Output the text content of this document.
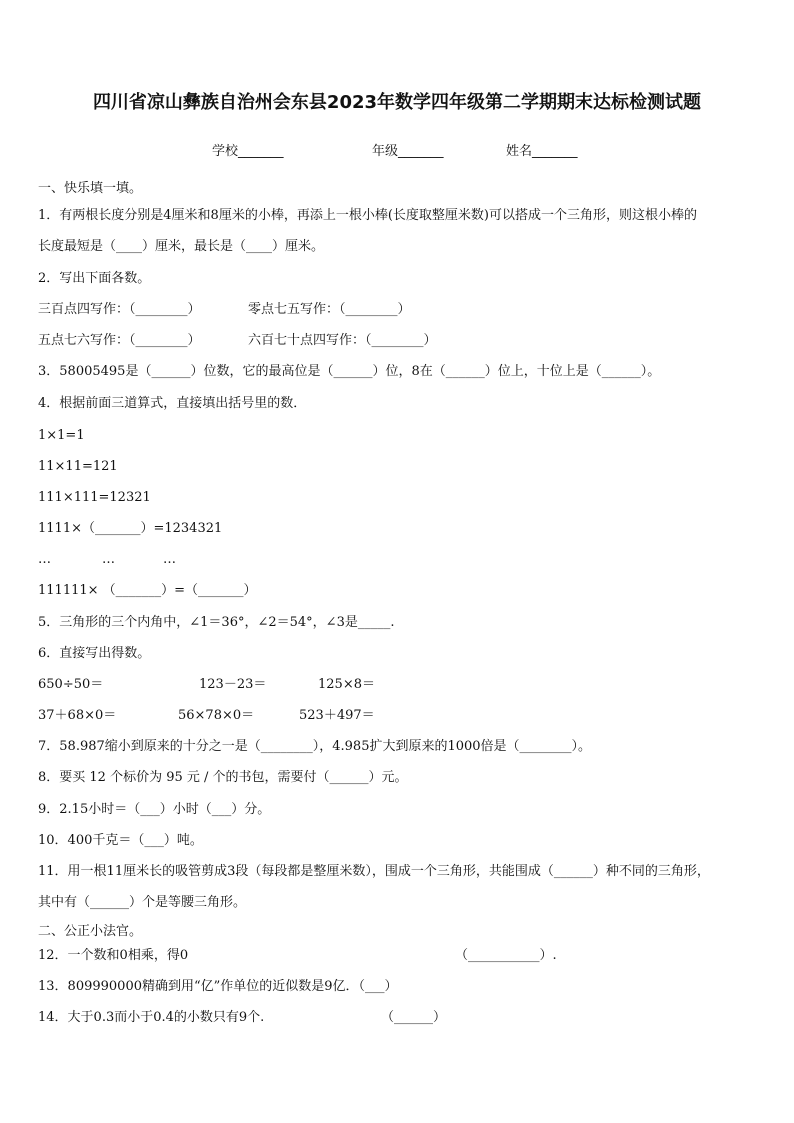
四川省凉山彝族自治州会东县2023年数学四年级第二学期期末达标检测试题
学校_______	年级_______	姓名_______
一、快乐填一填。
1．有两根长度分别是4厘米和8厘米的小棒，再添上一根小棒(长度取整厘米数)可以搭成一个三角形，则这根小棒的
长度最短是（____）厘米，最长是（____）厘米。
2．写出下面各数。
三百点四写作：（________）	零点七五写作：（________）
五点七六写作：（________）	六百七十点四写作：（________）
3．58005495是（______）位数，它的最高位是（______）位，8在（______）位上，十位上是（______）。
4．根据前面三道算式，直接填出括号里的数．
1×1=1
11×11=121
111×111=12321
1111×（_______）=1234321
…	…	…
111111× （_______）=（_______）
5．三角形的三个内角中，∠1＝36°，∠2＝54°，∠3是_____.
6．直接写出得数。
650÷50＝	123－23＝	125×8＝
37＋68×0＝	56×78×0＝	523＋497＝
7．58.987缩小到原来的十分之一是（________），4.985扩大到原来的1000倍是（________）。
8．要买 12 个标价为 95 元 / 个的书包，需要付（______）元。
9．2.15小时＝（___）小时（___）分。
10．400千克＝（___）吨。
11．用一根11厘米长的吸管剪成3段（每段都是整厘米数），围成一个三角形，共能围成（______）种不同的三角形，
其中有（______）个是等腰三角形。
二、公正小法官。
12．一个数和0相乘，得0	（___________）.
13．809990000精确到用“亿”作单位的近似数是9亿．（___）
14．大于0.3而小于0.4的小数只有9个.	（______）
